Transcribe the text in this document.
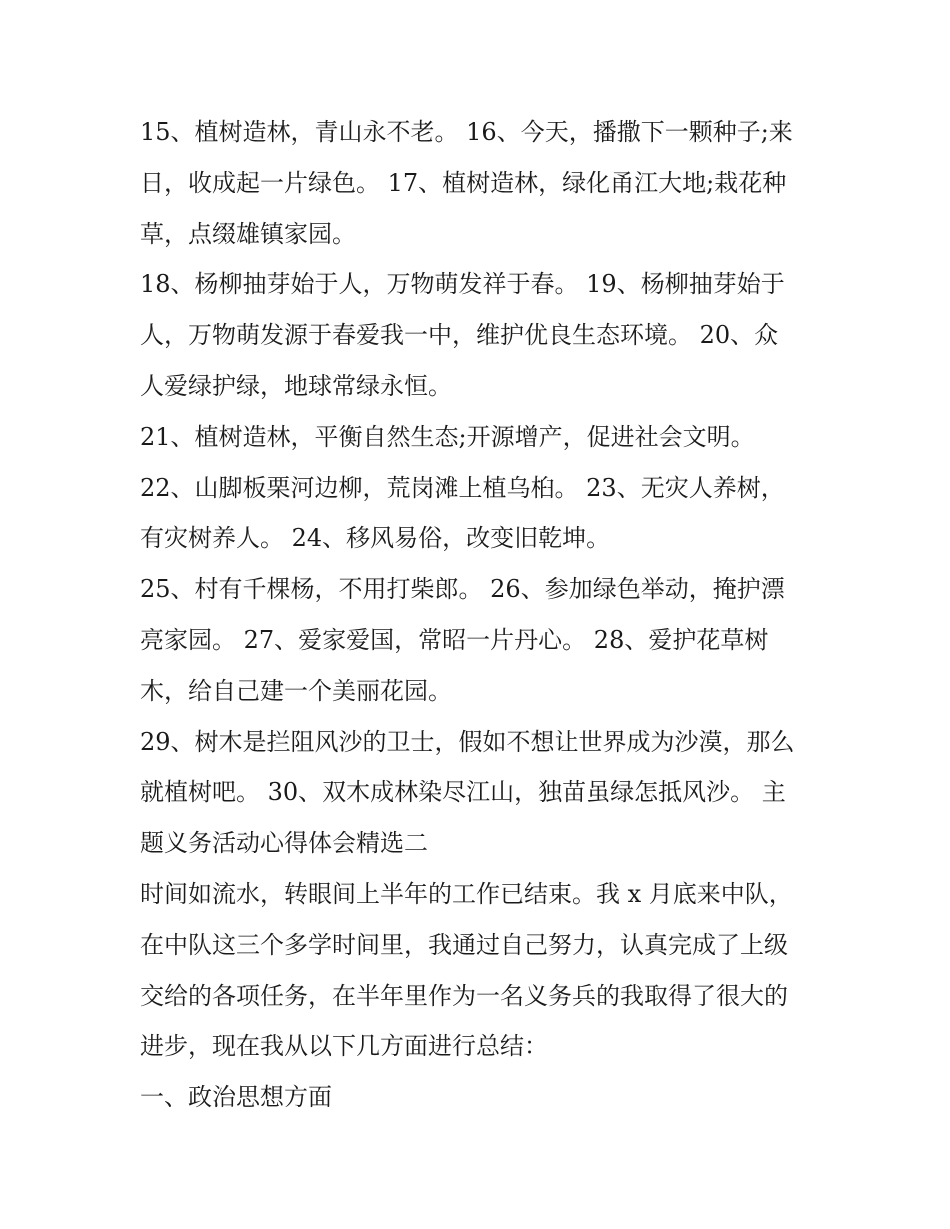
15、植树造林，青山永不老。 16、今天，播撒下一颗种子;来
日，收成起一片绿色。 17、植树造林，绿化甬江大地;栽花种
草，点缀雄镇家园。
18、杨柳抽芽始于人，万物萌发祥于春。 19、杨柳抽芽始于
人，万物萌发源于春爱我一中，维护优良生态环境。 20、众
人爱绿护绿，地球常绿永恒。
21、植树造林，平衡自然生态;开源增产，促进社会文明。
22、山脚板栗河边柳，荒岗滩上植乌桕。 23、无灾人养树，
有灾树养人。 24、移风易俗，改变旧乾坤。
25、村有千棵杨，不用打柴郎。 26、参加绿色举动，掩护漂
亮家园。 27、爱家爱国，常昭一片丹心。 28、爱护花草树
木，给自己建一个美丽花园。
29、树木是拦阻风沙的卫士，假如不想让世界成为沙漠，那么
就植树吧。 30、双木成林染尽江山，独苗虽绿怎抵风沙。 主
题义务活动心得体会精选二
时间如流水，转眼间上半年的工作已结束。我 x 月底来中队，
在中队这三个多学时间里，我通过自己努力，认真完成了上级
交给的各项任务，在半年里作为一名义务兵的我取得了很大的
进步，现在我从以下几方面进行总结：
一、政治思想方面
